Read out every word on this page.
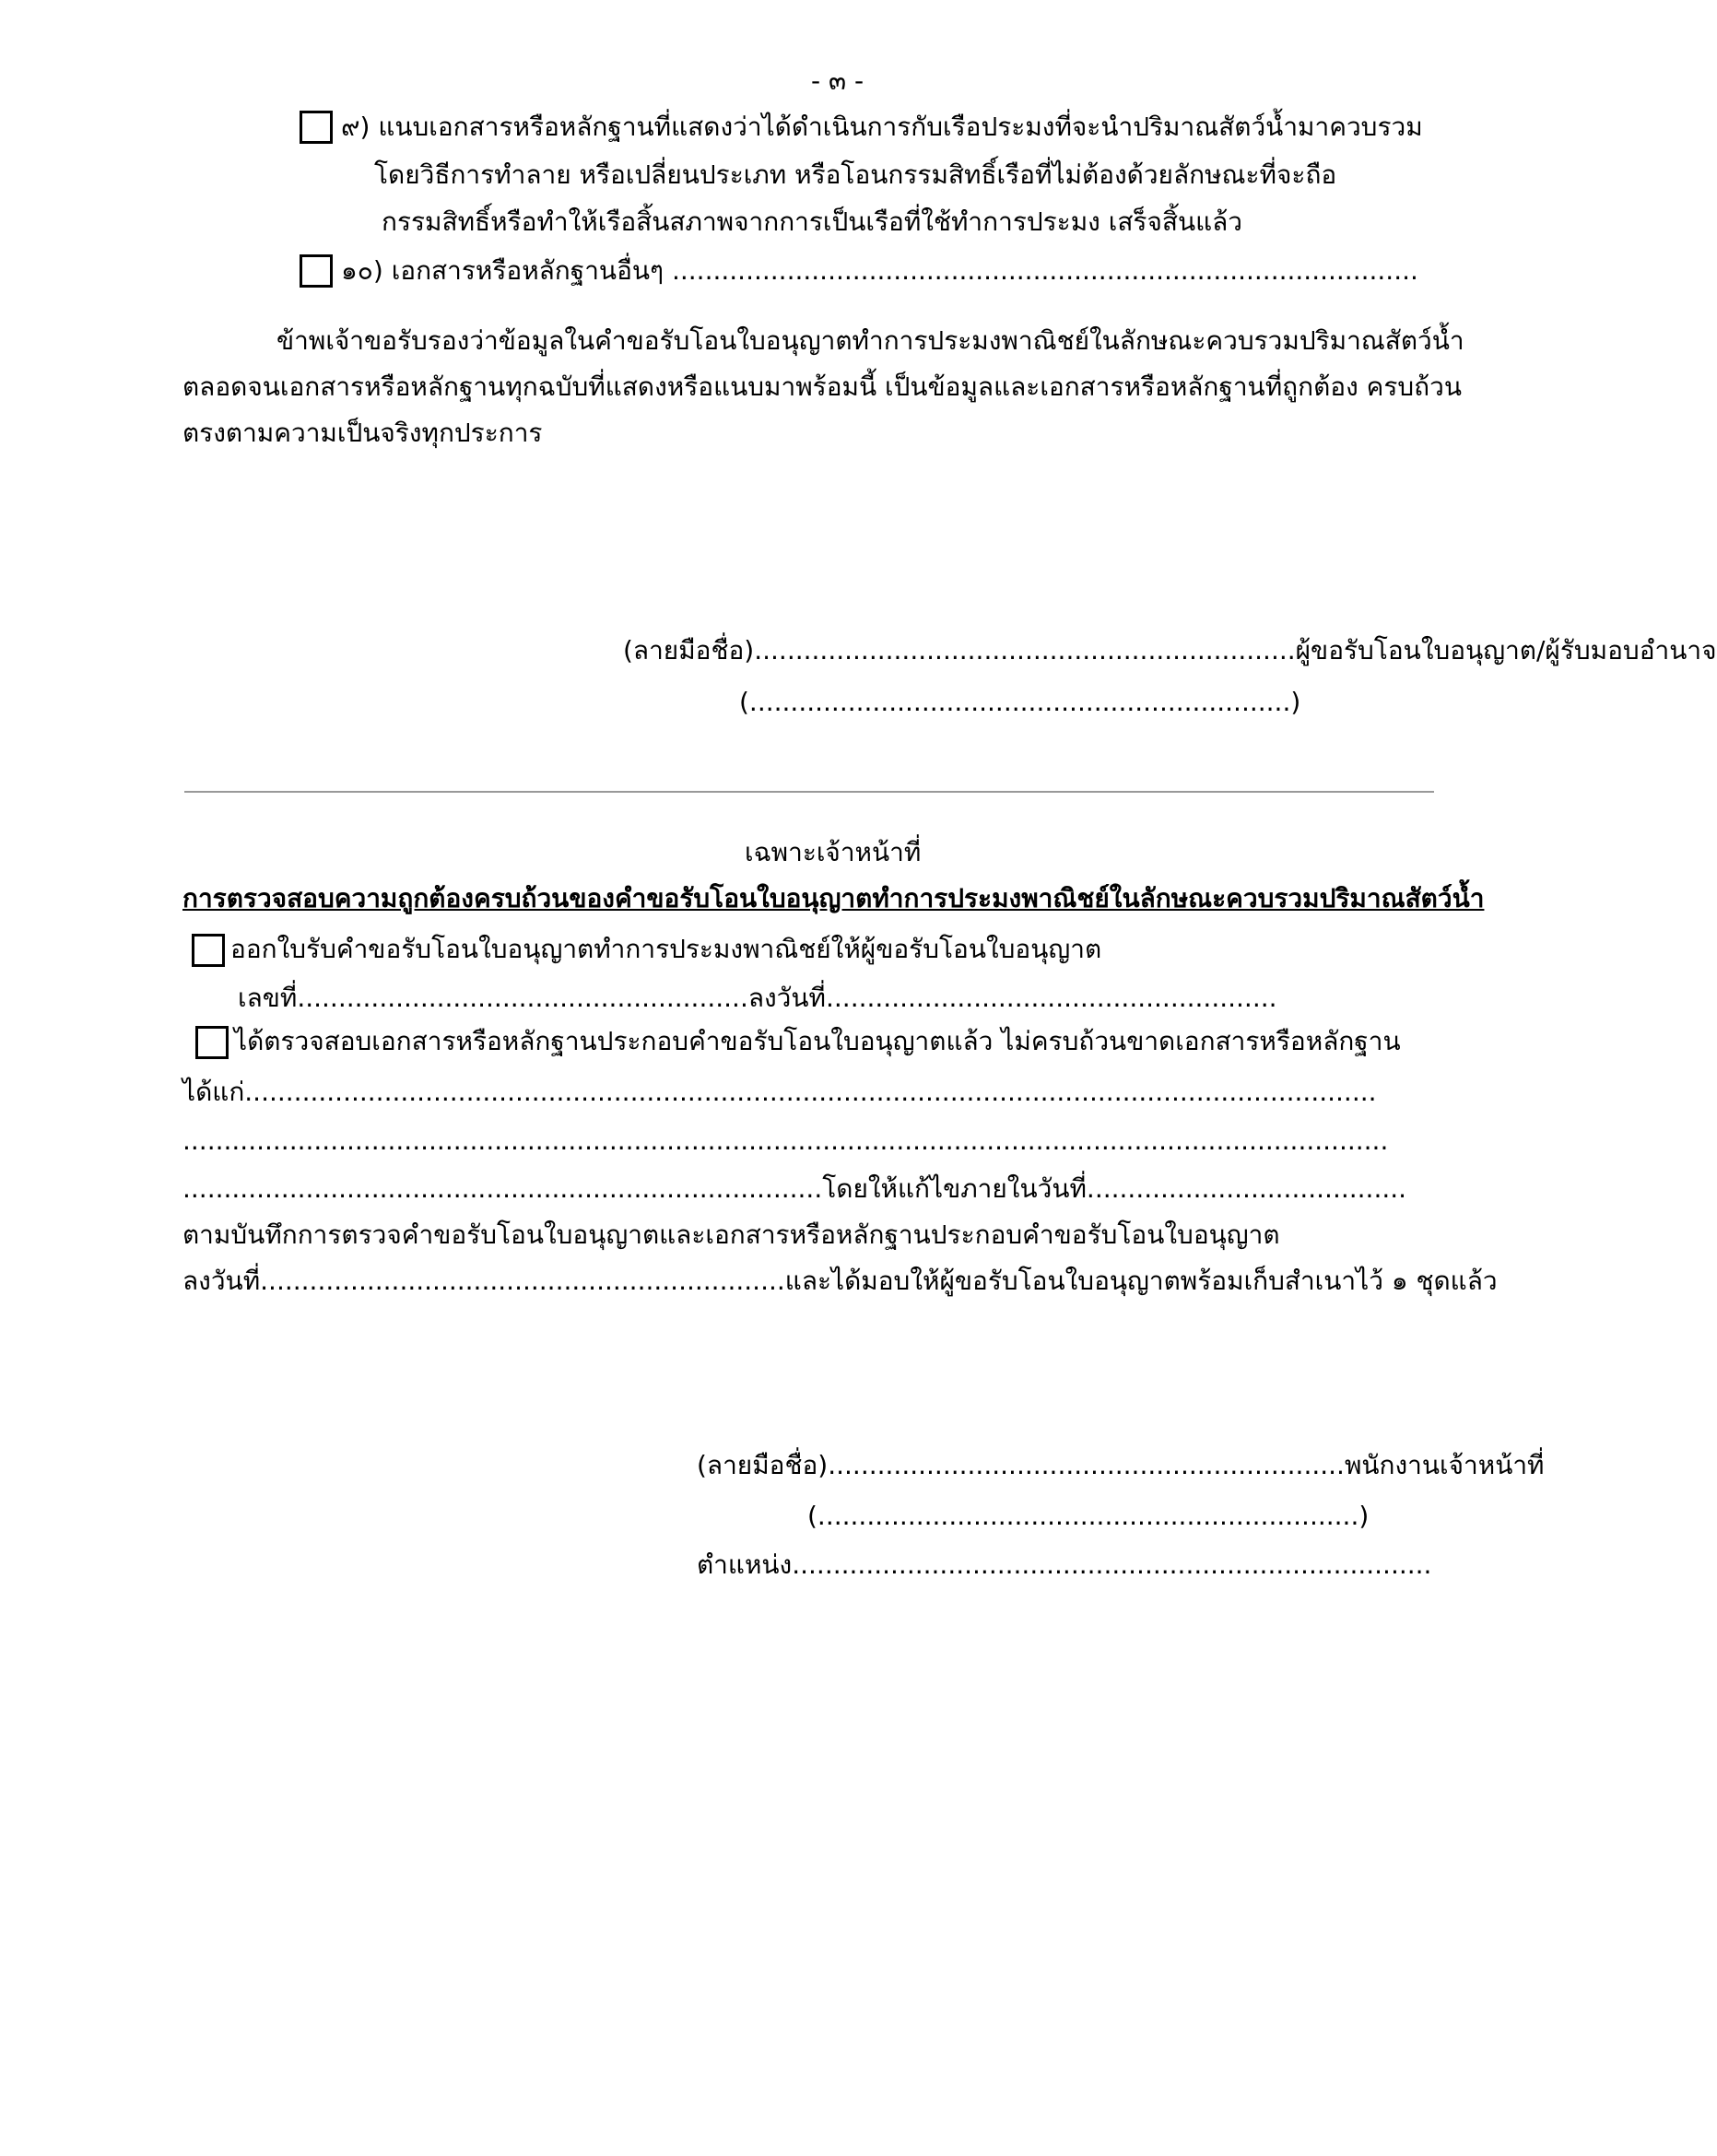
- ๓ -
๙) แนบเอกสารหรือหลักฐานที่แสดงว่าได้ดำเนินการกับเรือประมงที่จะนำปริมาณสัตว์น้ำมาควบรวม
โดยวิธีการทำลาย หรือเปลี่ยนประเภท หรือโอนกรรมสิทธิ์เรือที่ไม่ต้องด้วยลักษณะที่จะถือ
กรรมสิทธิ์หรือทำให้เรือสิ้นสภาพจากการเป็นเรือที่ใช้ทำการประมง เสร็จสิ้นแล้ว
๑๐) เอกสารหรือหลักฐานอื่นๆ ...........................................................................................
ข้าพเจ้าขอรับรองว่าข้อมูลในคำขอรับโอนใบอนุญาตทำการประมงพาณิชย์ในลักษณะควบรวมปริมาณสัตว์น้ำ
ตลอดจนเอกสารหรือหลักฐานทุกฉบับที่แสดงหรือแนบมาพร้อมนี้ เป็นข้อมูลและเอกสารหรือหลักฐานที่ถูกต้อง ครบถ้วน
ตรงตามความเป็นจริงทุกประการ
(ลายมือชื่อ)..................................................................ผู้ขอรับโอนใบอนุญาต/ผู้รับมอบอำนาจ
(..................................................................)
เฉพาะเจ้าหน้าที่
การตรวจสอบความถูกต้องครบถ้วนของคำขอรับโอนใบอนุญาตทำการประมงพาณิชย์ในลักษณะควบรวมปริมาณสัตว์น้ำ
ออกใบรับคำขอรับโอนใบอนุญาตทำการประมงพาณิชย์ให้ผู้ขอรับโอนใบอนุญาต
เลขที่.......................................................ลงวันที่.......................................................
ได้ตรวจสอบเอกสารหรือหลักฐานประกอบคำขอรับโอนใบอนุญาตแล้ว ไม่ครบถ้วนขาดเอกสารหรือหลักฐาน
ได้แก่..........................................................................................................................................
...................................................................................................................................................
..............................................................................โดยให้แก้ไขภายในวันที่.......................................
ตามบันทึกการตรวจคำขอรับโอนใบอนุญาตและเอกสารหรือหลักฐานประกอบคำขอรับโอนใบอนุญาต
ลงวันที่................................................................และได้มอบให้ผู้ขอรับโอนใบอนุญาตพร้อมเก็บสำเนาไว้ ๑ ชุดแล้ว
(ลายมือชื่อ)...............................................................พนักงานเจ้าหน้าที่
(..................................................................)
ตำแหน่ง..............................................................................
